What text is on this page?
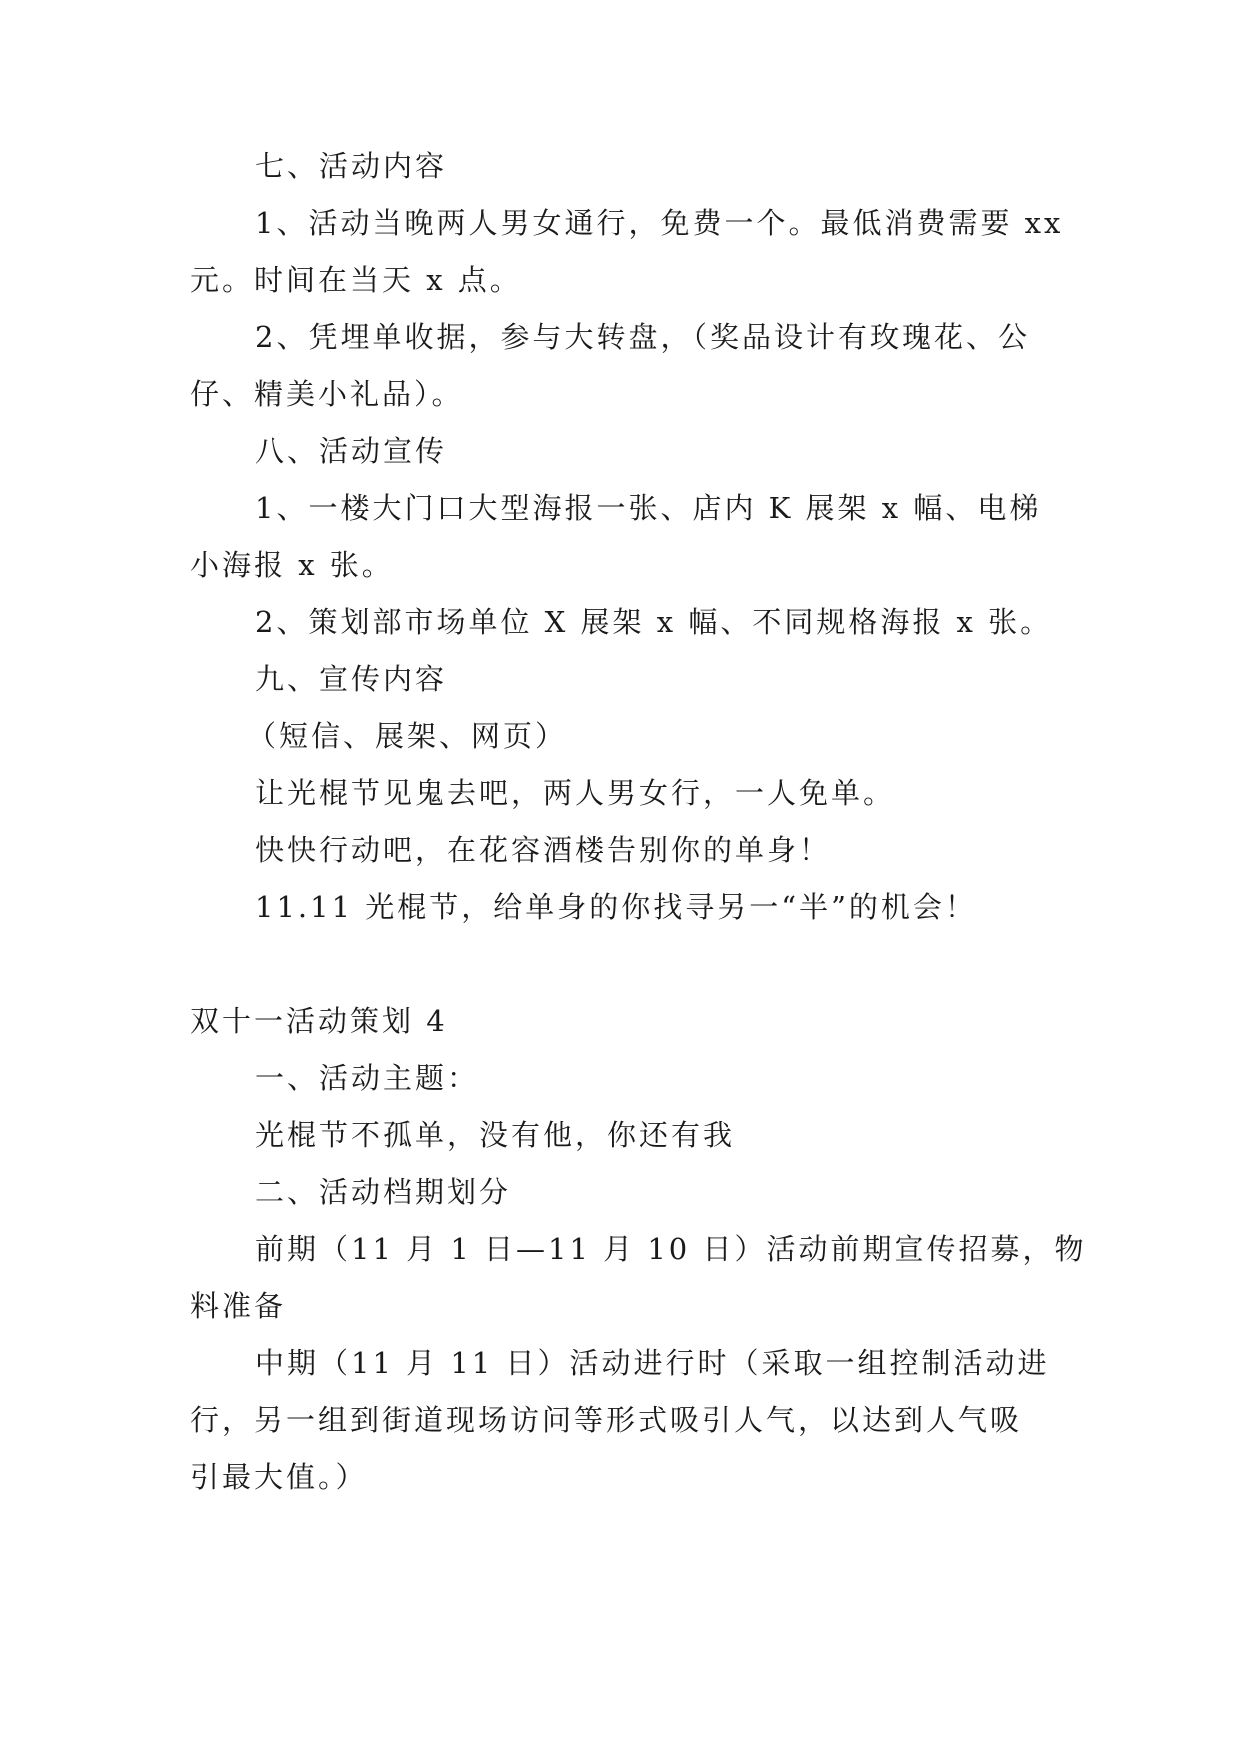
七、活动内容
1、活动当晚两人男女通行，免费一个。最低消费需要 xx
元。时间在当天 x 点。
2、凭埋单收据，参与大转盘，（奖品设计有玫瑰花、公
仔、精美小礼品）。
八、活动宣传
1、一楼大门口大型海报一张、店内 K 展架 x 幅、电梯
小海报 x 张。
2、策划部市场单位 X 展架 x 幅、不同规格海报 x 张。
九、宣传内容
（短信、展架、网页）
让光棍节见鬼去吧，两人男女行，一人免单。
快快行动吧，在花容酒楼告别你的单身！
11.11 光棍节，给单身的你找寻另一“半”的机会！
双十一活动策划 4
一、活动主题：
光棍节不孤单，没有他，你还有我
二、活动档期划分
前期（11 月 1 日—11 月 10 日）活动前期宣传招募，物
料准备
中期（11 月 11 日）活动进行时（采取一组控制活动进
行，另一组到街道现场访问等形式吸引人气，以达到人气吸
引最大值。）
